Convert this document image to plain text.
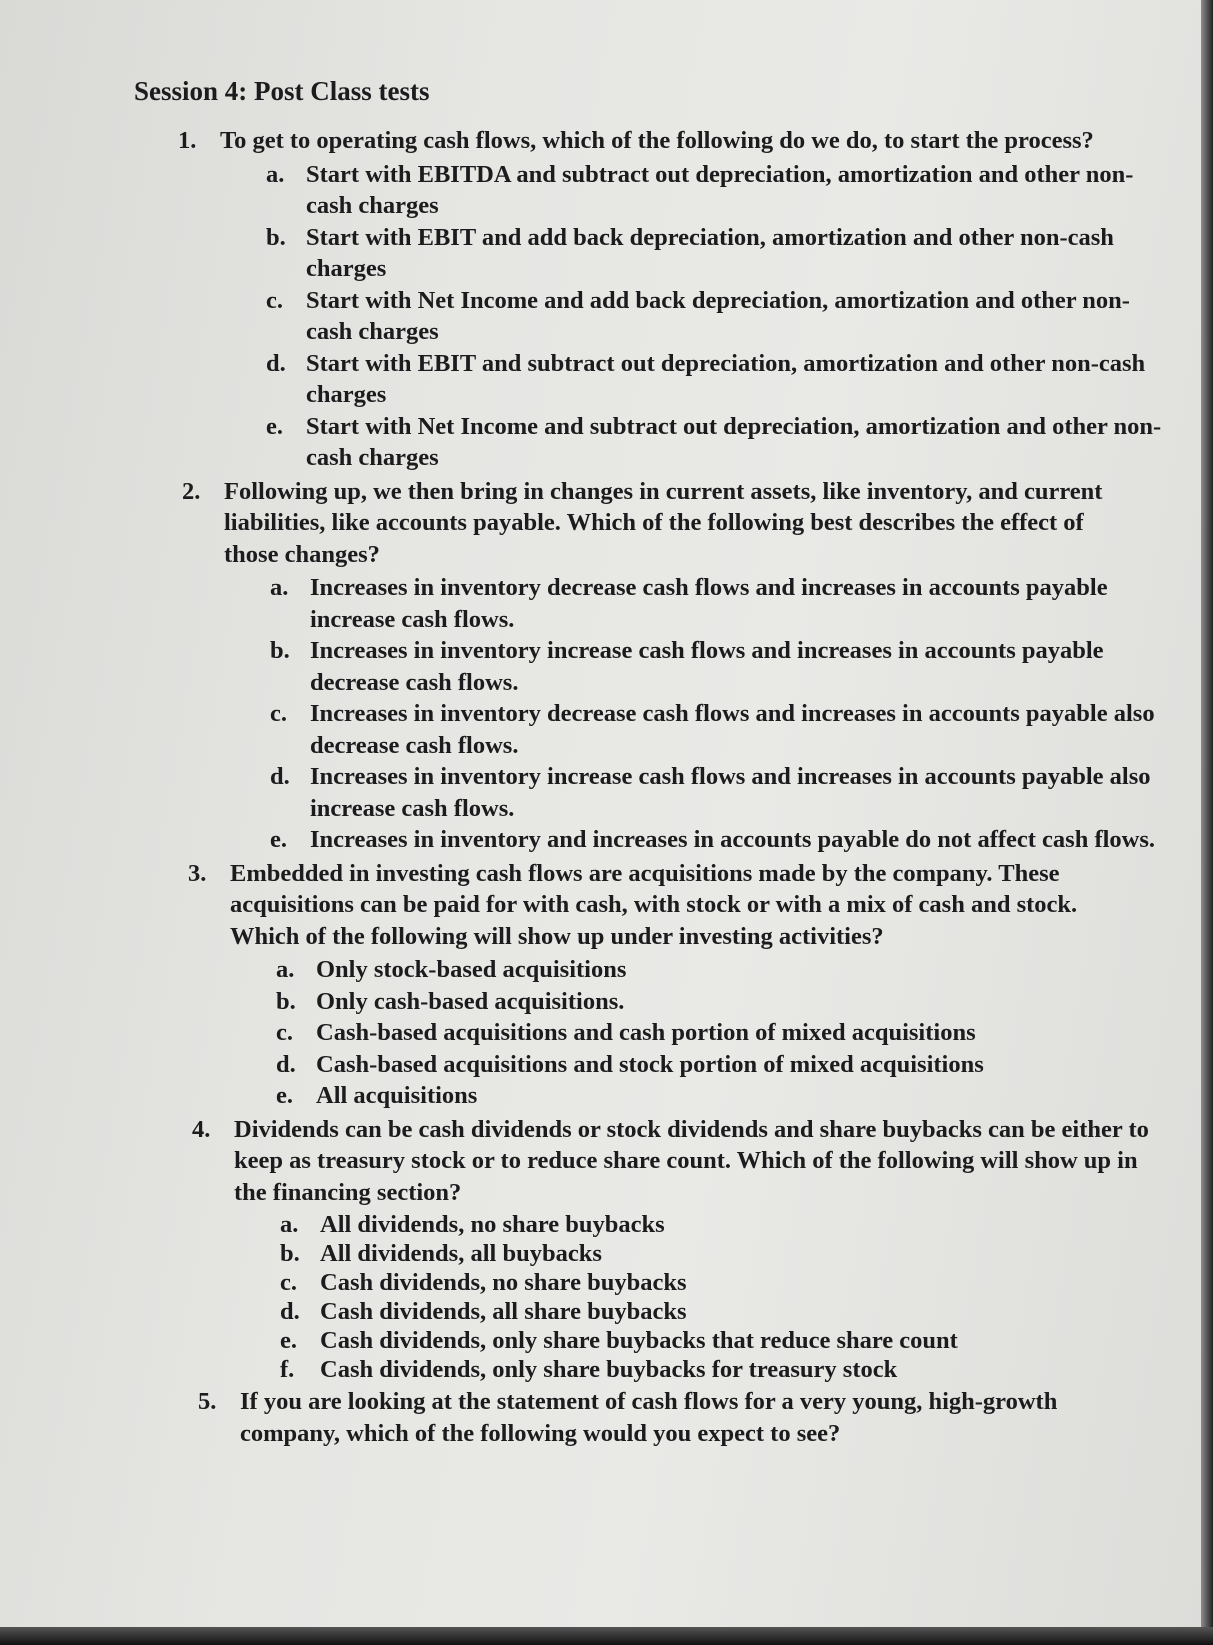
Session 4: Post Class tests
1. To get to operating cash flows, which of the following do we do, to start the process?
a. Start with EBITDA and subtract out depreciation, amortization and other non-cash charges
b. Start with EBIT and add back depreciation, amortization and other non-cash charges
c. Start with Net Income and add back depreciation, amortization and other non-cash charges
d. Start with EBIT and subtract out depreciation, amortization and other non-cash charges
e. Start with Net Income and subtract out depreciation, amortization and other non-cash charges
2. Following up, we then bring in changes in current assets, like inventory, and current liabilities, like accounts payable. Which of the following best describes the effect of those changes?
a. Increases in inventory decrease cash flows and increases in accounts payable increase cash flows.
b. Increases in inventory increase cash flows and increases in accounts payable decrease cash flows.
c. Increases in inventory decrease cash flows and increases in accounts payable also decrease cash flows.
d. Increases in inventory increase cash flows and increases in accounts payable also increase cash flows.
e. Increases in inventory and increases in accounts payable do not affect cash flows.
3. Embedded in investing cash flows are acquisitions made by the company. These acquisitions can be paid for with cash, with stock or with a mix of cash and stock. Which of the following will show up under investing activities?
a. Only stock-based acquisitions
b. Only cash-based acquisitions.
c. Cash-based acquisitions and cash portion of mixed acquisitions
d. Cash-based acquisitions and stock portion of mixed acquisitions
e. All acquisitions
4. Dividends can be cash dividends or stock dividends and share buybacks can be either to keep as treasury stock or to reduce share count. Which of the following will show up in the financing section?
a. All dividends, no share buybacks
b. All dividends, all buybacks
c. Cash dividends, no share buybacks
d. Cash dividends, all share buybacks
e. Cash dividends, only share buybacks that reduce share count
f. Cash dividends, only share buybacks for treasury stock
5. If you are looking at the statement of cash flows for a very young, high-growth company, which of the following would you expect to see?
